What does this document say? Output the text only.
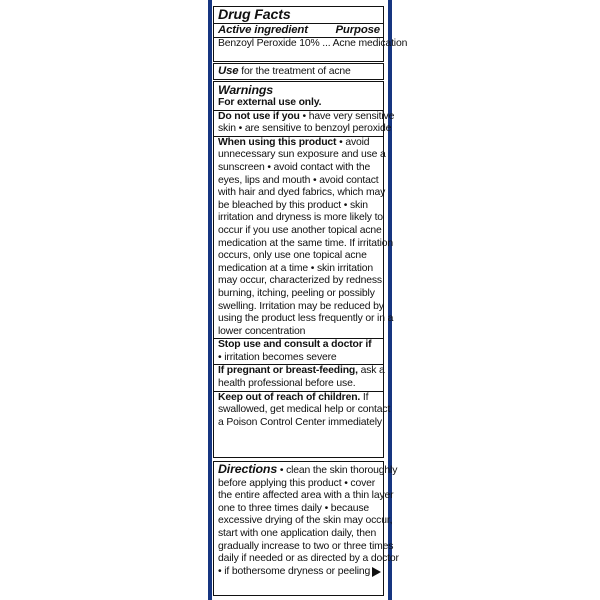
Drug Facts
Active ingredient Purpose
Benzoyl Peroxide 10% ... Acne medication
Use for the treatment of acne
Warnings
For external use only.
Do not use if you • have very sensitive
skin • are sensitive to benzoyl peroxide
When using this product • avoid
unnecessary sun exposure and use a
sunscreen • avoid contact with the
eyes, lips and mouth • avoid contact
with hair and dyed fabrics, which may
be bleached by this product • skin
irritation and dryness is more likely to
occur if you use another topical acne
medication at the same time. If irritation
occurs, only use one topical acne
medication at a time • skin irritation
may occur, characterized by redness,
burning, itching, peeling or possibly
swelling. Irritation may be reduced by
using the product less frequently or in a
lower concentration
Stop use and consult a doctor if
• irritation becomes severe
If pregnant or breast-feeding, ask a
health professional before use.
Keep out of reach of children. If
swallowed, get medical help or contact
a Poison Control Center immediately
Directions • clean the skin thoroughly
before applying this product • cover
the entire affected area with a thin layer
one to three times daily • because
excessive drying of the skin may occur,
start with one application daily, then
gradually increase to two or three times
daily if needed or as directed by a doctor
• if bothersome dryness or peeling
